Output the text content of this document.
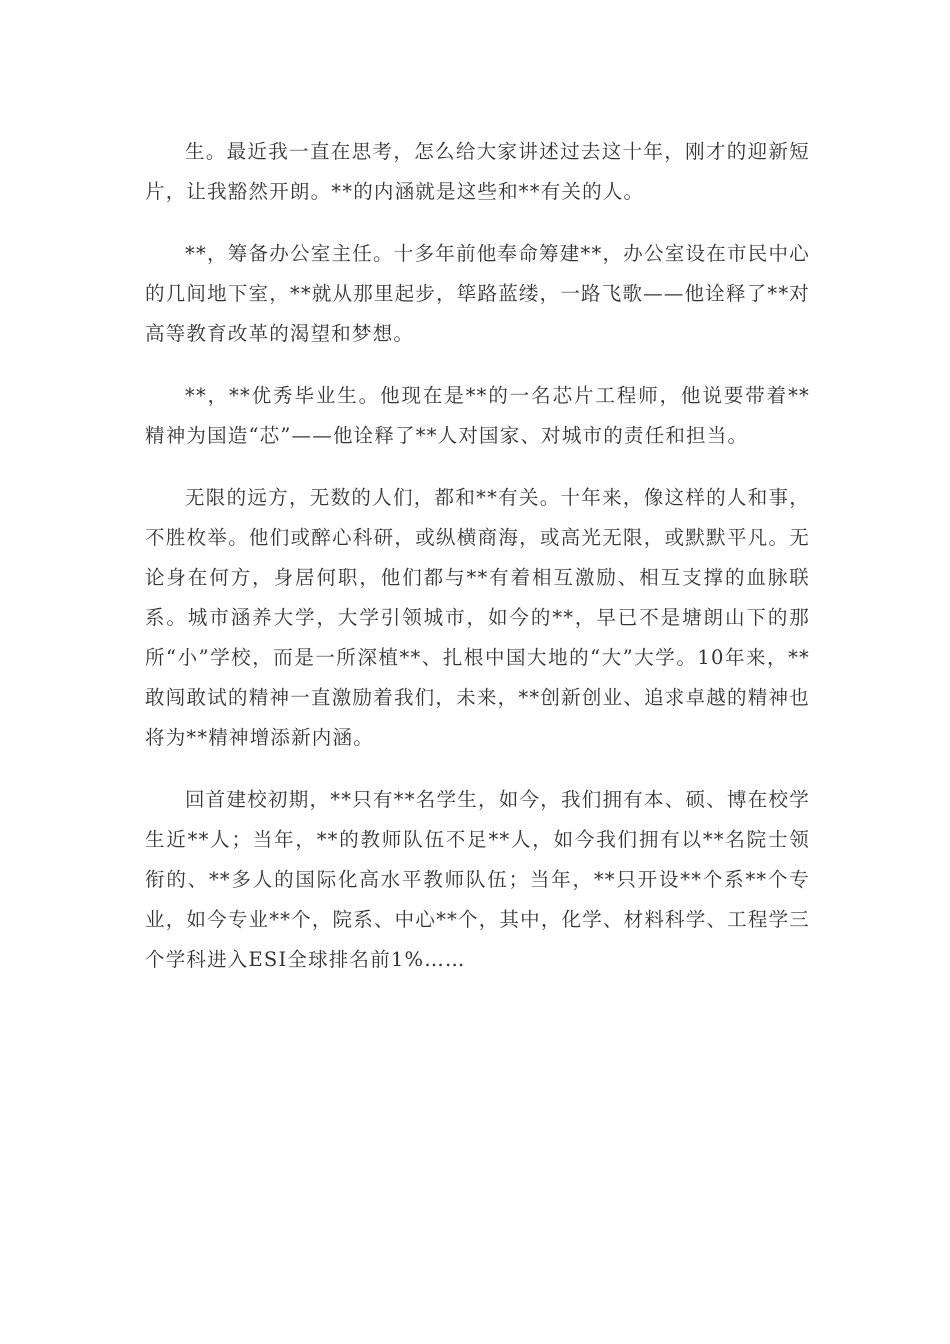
生。最近我一直在思考，怎么给大家讲述过去这十年，刚才的迎新短片，让我豁然开朗。**的内涵就是这些和**有关的人。

**，筹备办公室主任。十多年前他奉命筹建**，办公室设在市民中心的几间地下室，**就从那里起步，筚路蓝缕，一路飞歌——他诠释了**对高等教育改革的渴望和梦想。

**，**优秀毕业生。他现在是**的一名芯片工程师，他说要带着**精神为国造“芯”——他诠释了**人对国家、对城市的责任和担当。

无限的远方，无数的人们，都和**有关。十年来，像这样的人和事，不胜枚举。他们或醉心科研，或纵横商海，或高光无限，或默默平凡。无论身在何方，身居何职，他们都与**有着相互激励、相互支撑的血脉联系。城市涵养大学，大学引领城市，如今的**，早已不是塘朗山下的那所“小”学校，而是一所深植**、扎根中国大地的“大”大学。10年来，**敢闯敢试的精神一直激励着我们，未来，**创新创业、追求卓越的精神也将为**精神增添新内涵。

回首建校初期，**只有**名学生，如今，我们拥有本、硕、博在校学生近**人；当年，**的教师队伍不足**人，如今我们拥有以**名院士领衔的、**多人的国际化高水平教师队伍；当年，**只开设**个系**个专业，如今专业**个，院系、中心**个，其中，化学、材料科学、工程学三个学科进入ESI全球排名前1%……
